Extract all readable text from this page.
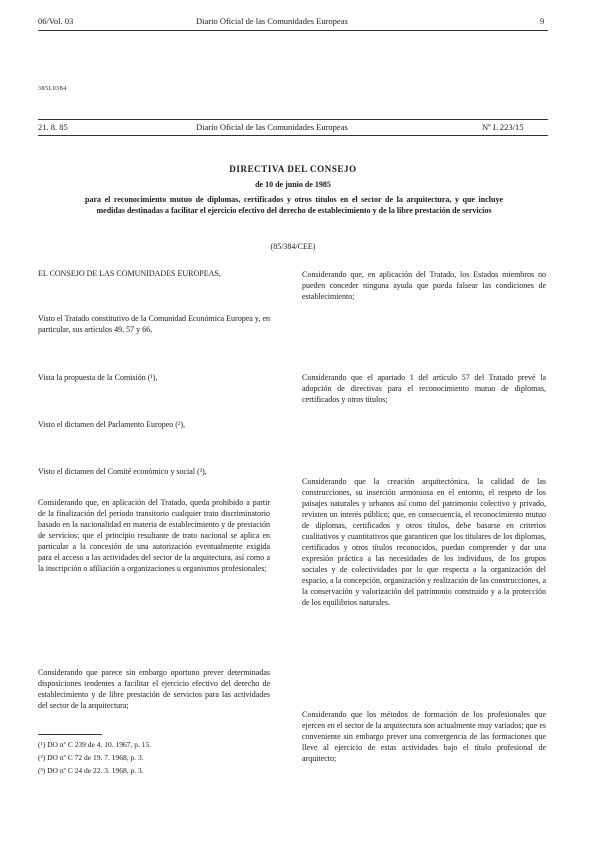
06/Vol. 03	Diario Oficial de las Comunidades Europeas	9
385L0384
21. 8. 85	Diario Oficial de las Comunidades Europeas	Nº L 223/15
DIRECTIVA DEL CONSEJO
de 10 de junio de 1985
para el reconocimiento mutuo de diplomas, certificados y otros títulos en el sector de la arquitectura, y que incluye medidas destinadas a facilitar el ejercicio efectivo del derecho de establecimiento y de la libre prestación de servicios
(85/384/CEE)
EL CONSEJO DE LAS COMUNIDADES EUROPEAS,
Visto el Tratado constitutivo de la Comunidad Económica Europea y, en particular, sus artículos 49, 57 y 66,
Vista la propuesta de la Comisión (¹),
Visto el dictamen del Parlamento Europeo (²),
Visto el dictamen del Comité económico y social (³),
Considerando que, en aplicación del Tratado, queda prohibido a partir de la finalización del período transitorio cualquier trato discriminatorio basado en la nacionalidad en materia de establecimiento y de prestación de servicios; que el principio resultante de trato nacional se aplica en particular a la concesión de una autorización eventualmente exigida para el acceso a las actividades del sector de la arquitectura, así como a la inscripción o afiliación a organizaciones u organismos profesionales;
Considerando que parece sin embargo oportuno prever determinadas disposiciones tendentes a facilitar el ejercicio efectivo del derecho de establecimiento y de libre prestación de servicios para las actividades del sector de la arquitectura;
(¹) DO nº C 239 de 4. 10. 1967, p. 15.
(²) DO nº C 72 de 19. 7. 1968, p. 3.
(³) DO nº C 24 de 22. 3. 1968, p. 3.
Considerando que, en aplicación del Tratado, los Estados miembros no pueden conceder ninguna ayuda que pueda falsear las condiciones de establecimiento;
Considerando que el apartado 1 del artículo 57 del Tratado prevé la adopción de directivas para el reconocimiento mutuo de diplomas, certificados y otros títulos;
Considerando que la creación arquitectónica, la calidad de las construcciones, su inserción armoniosa en el entorno, el respeto de los paisajes naturales y urbanos así como del patrimonio colectivo y privado, revisten un interés público; que, en consecuencia, el reconocimiento mutuo de diplomas, certificados y otros títulos, debe basarse en criterios cualitativos y cuantitativos que garanticen que los titulares de los diplomas, certificados y otros títulos reconocidos, puedan comprender y dar una expresión práctica a las necesidades de los individuos, de los grupos sociales y de colectividades por lo que respecta a la organización del espacio, a la concepción, organización y realización de las construcciones, a la conservación y valorización del patrimonio construido y a la protección de los equilibrios naturales.
Considerando que los métodos de formación de los profesionales que ejercen en el sector de la arquitectura son actualmente muy variados; que es conveniente sin embargo prever una convergencia de las formaciones que lleve al ejercicio de estas actividades bajo el título profesional de arquitecto;
